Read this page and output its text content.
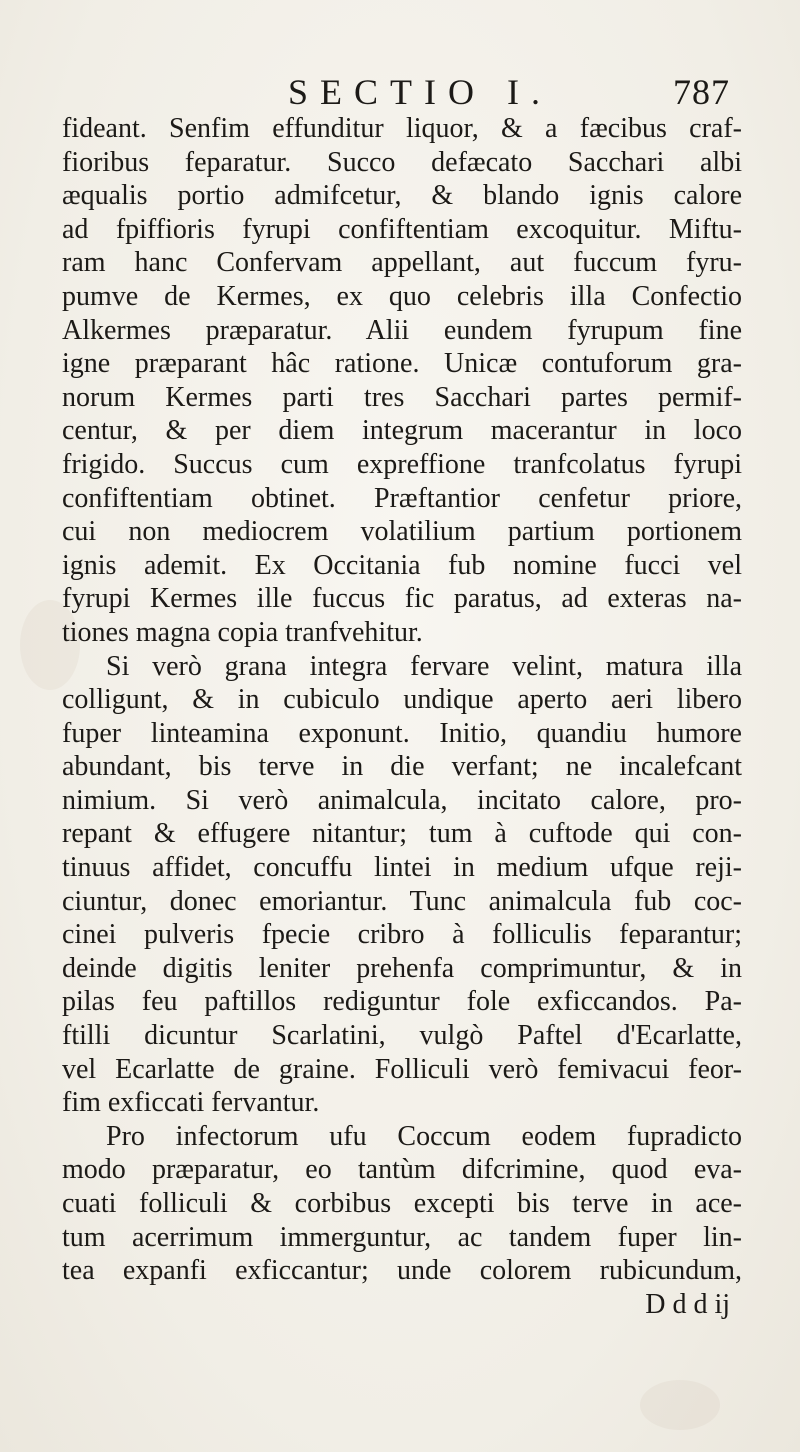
SECTIO I.	787
fideant. Senfim effunditur liquor, & a fæcibus craf-
fioribus feparatur. Succo defæcato Sacchari albi
æqualis portio admifcetur, & blando ignis calore
ad fpiffioris fyrupi confiftentiam excoquitur. Miftu-
ram hanc Confervam appellant, aut fuccum fyru-
pumve de Kermes, ex quo celebris illa Confectio
Alkermes præparatur. Alii eundem fyrupum fine
igne præparant hâc ratione. Unicæ contuforum gra-
norum Kermes parti tres Sacchari partes permif-
centur, & per diem integrum macerantur in loco
frigido. Succus cum expreffione tranfcolatus fyrupi
confiftentiam obtinet. Præftantior cenfetur priore,
cui non mediocrem volatilium partium portionem
ignis ademit. Ex Occitania fub nomine fucci vel
fyrupi Kermes ille fuccus fic paratus, ad exteras na-
tiones magna copia tranfvehitur.
Si verò grana integra fervare velint, matura illa
colligunt, & in cubiculo undique aperto aeri libero
fuper linteamina exponunt. Initio, quandiu humore
abundant, bis terve in die verfant; ne incalefcant
nimium. Si verò animalcula, incitato calore, pro-
repant & effugere nitantur; tum à cuftode qui con-
tinuus affidet, concuffu lintei in medium ufque reji-
ciuntur, donec emoriantur. Tunc animalcula fub coc-
cinei pulveris fpecie cribro à folliculis feparantur;
deinde digitis leniter prehenfa comprimuntur, & in
pilas feu paftillos rediguntur fole exficcandos. Pa-
ftilli dicuntur Scarlatini, vulgò Paftel d'Ecarlatte,
vel Ecarlatte de graine. Folliculi verò femivacui feor-
fim exficcati fervantur.
Pro infectorum ufu Coccum eodem fupradicto
modo præparatur, eo tantùm difcrimine, quod eva-
cuati folliculi & corbibus excepti bis terve in ace-
tum acerrimum immerguntur, ac tandem fuper lin-
tea expanfi exficcantur; unde colorem rubicundum,
D d d ij
